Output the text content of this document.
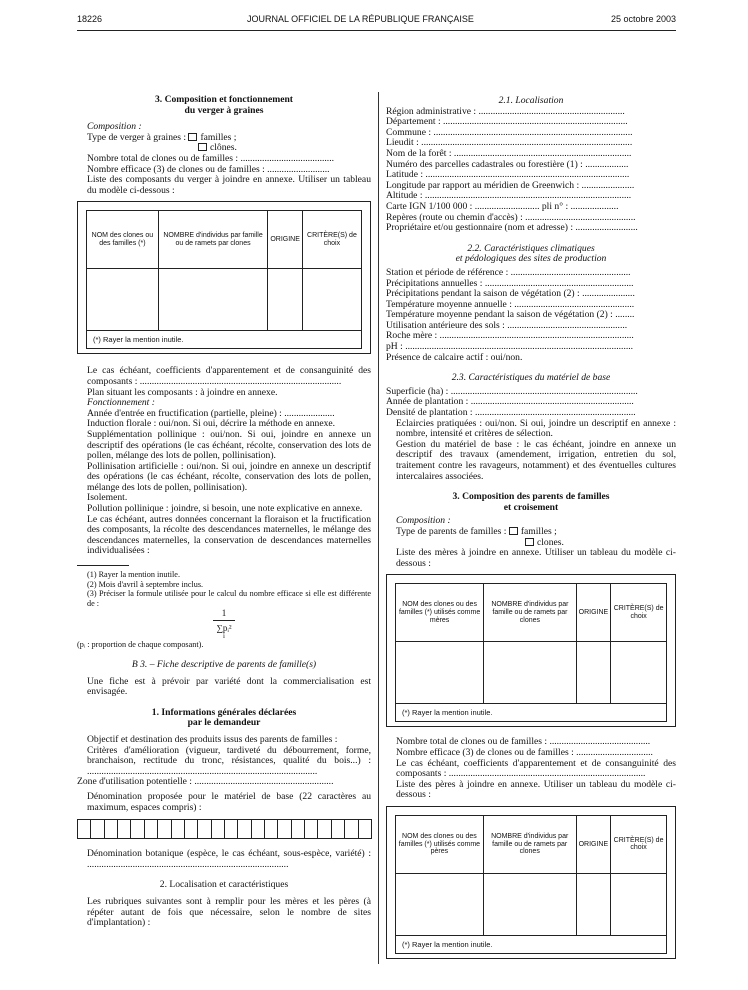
18226	JOURNAL OFFICIEL DE LA RÉPUBLIQUE FRANÇAISE	25 octobre 2003

3. Composition et fonctionnement

du verger à graines

Composition :

Type de verger à graines : familles ;

clônes.

Nombre total de clones ou de familles : .......................................

Nombre efficace (3) de clones ou de familles : ..........................

Liste des composants du verger à joindre en annexe. Utiliser un tableau du modèle ci-dessous :

NOM des clones ou des familles (*)	NOMBRE d'individus par famille ou de ramets par clones	ORIGINE	CRITÈRE(S) de choix

(*) Rayer la mention inutile.			

Le cas échéant, coefficients d'apparentement et de consanguinité des composants : ....................................................................................

Plan situant les composants : à joindre en annexe.

Fonctionnement :

Année d'entrée en fructification (partielle, pleine) : .....................

Induction florale : oui/non. Si oui, décrire la méthode en annexe.

Supplémentation pollinique : oui/non. Si oui, joindre en annexe un descriptif des opérations (le cas échéant, récolte, conservation des lots de pollen, mélange des lots de pollen, pollinisation).

Pollinisation artificielle : oui/non. Si oui, joindre en annexe un descriptif des opérations (le cas échéant, récolte, conservation des lots de pollen, mélange des lots de pollen, pollinisation).

Isolement.

Pollution pollinique : joindre, si besoin, une note explicative en annexe.

Le cas échéant, autres données concernant la floraison et la fructification des composants, la récolte des descendances maternelles, le mélange des descendances maternelles, la conservation de descendances maternelles individualisées :

(1) Rayer la mention inutile.

(2) Mois d'avril à septembre inclus.

(3) Préciser la formule utilisée pour le calcul du nombre efficace si elle est différente de :

1
∑pᵢ²
i

(pᵢ : proportion de chaque composant).

B 3. – Fiche descriptive de parents de famille(s)

Une fiche est à prévoir par variété dont la commercialisation est envisagée.

1. Informations générales déclarées

par le demandeur

Objectif et destination des produits issus des parents de familles :

Critères d'amélioration (vigueur, tardiveté du débourrement, forme, branchaison, rectitude du tronc, résistances, qualité du bois...) : ................................................................................................

Zone d'utilisation potentielle : ..........................................................

Dénomination proposée pour le matériel de base (22 caractères au maximum, espaces compris) :

Dénomination botanique (espèce, le cas échéant, sous-espèce, variété) : ....................................................................................

2. Localisation et caractéristiques

Les rubriques suivantes sont à remplir pour les mères et les pères (à répéter autant de fois que nécessaire, selon le nombre de sites d'implantation) :

2.1. Localisation

Région administrative : .............................................................

Département : .............................................................................

Commune : ...................................................................................

Lieudit : ........................................................................................

Nom de la forêt : ..........................................................................

Numéro des parcelles cadastrales ou forestière (1) : ..................

Latitude : .....................................................................................

Longitude par rapport au méridien de Greenwich : ......................

Altitude : ......................................................................................

Carte IGN 1/100 000 : ........................... pli n° : ....................

Repères (route ou chemin d'accès) : ..............................................

Propriétaire et/ou gestionnaire (nom et adresse) : ..........................

2.2. Caractéristiques climatiques

et pédologiques des sites de production

Station et période de référence : ..................................................

Précipitations annuelles : ..............................................................

Précipitations pendant la saison de végétation (2) : ......................

Température moyenne annuelle : ..................................................

Température moyenne pendant la saison de végétation (2) : ........

Utilisation antérieure des sols : ..................................................

Roche mère : .................................................................................

pH : ...............................................................................................

Présence de calcaire actif : oui/non.

2.3. Caractéristiques du matériel de base

Superficie (ha) : ..............................................................................

Année de plantation : ....................................................................

Densité de plantation : ...................................................................

Eclaircies pratiquées : oui/non. Si oui, joindre un descriptif en annexe : nombre, intensité et critères de sélection.

Gestion du matériel de base : le cas échéant, joindre en annexe un descriptif des travaux (amendement, irrigation, entretien du sol, traitement contre les ravageurs, notamment) et des éventuelles cultures intercalaires associées.

3. Composition des parents de familles

et croisement

Composition :

Type de parents de familles : familles ;

clones.

Liste des mères à joindre en annexe. Utiliser un tableau du modèle ci-dessous :

NOM des clones ou des familles (*) utilisés comme mères	NOMBRE d'individus par famille ou de ramets par clones	ORIGINE	CRITÈRE(S) de choix

(*) Rayer la mention inutile.			

Nombre total de clones ou de familles : ..........................................

Nombre efficace (3) de clones ou de familles : ................................

Le cas échéant, coefficients d'apparentement et de consanguinité des composants : ..................................................................................

Liste des pères à joindre en annexe. Utiliser un tableau du modèle ci-dessous :

NOM des clones ou des familles (*) utilisés comme pères	NOMBRE d'individus par famille ou de ramets par clones	ORIGINE	CRITÈRE(S) de choix

(*) Rayer la mention inutile.			
